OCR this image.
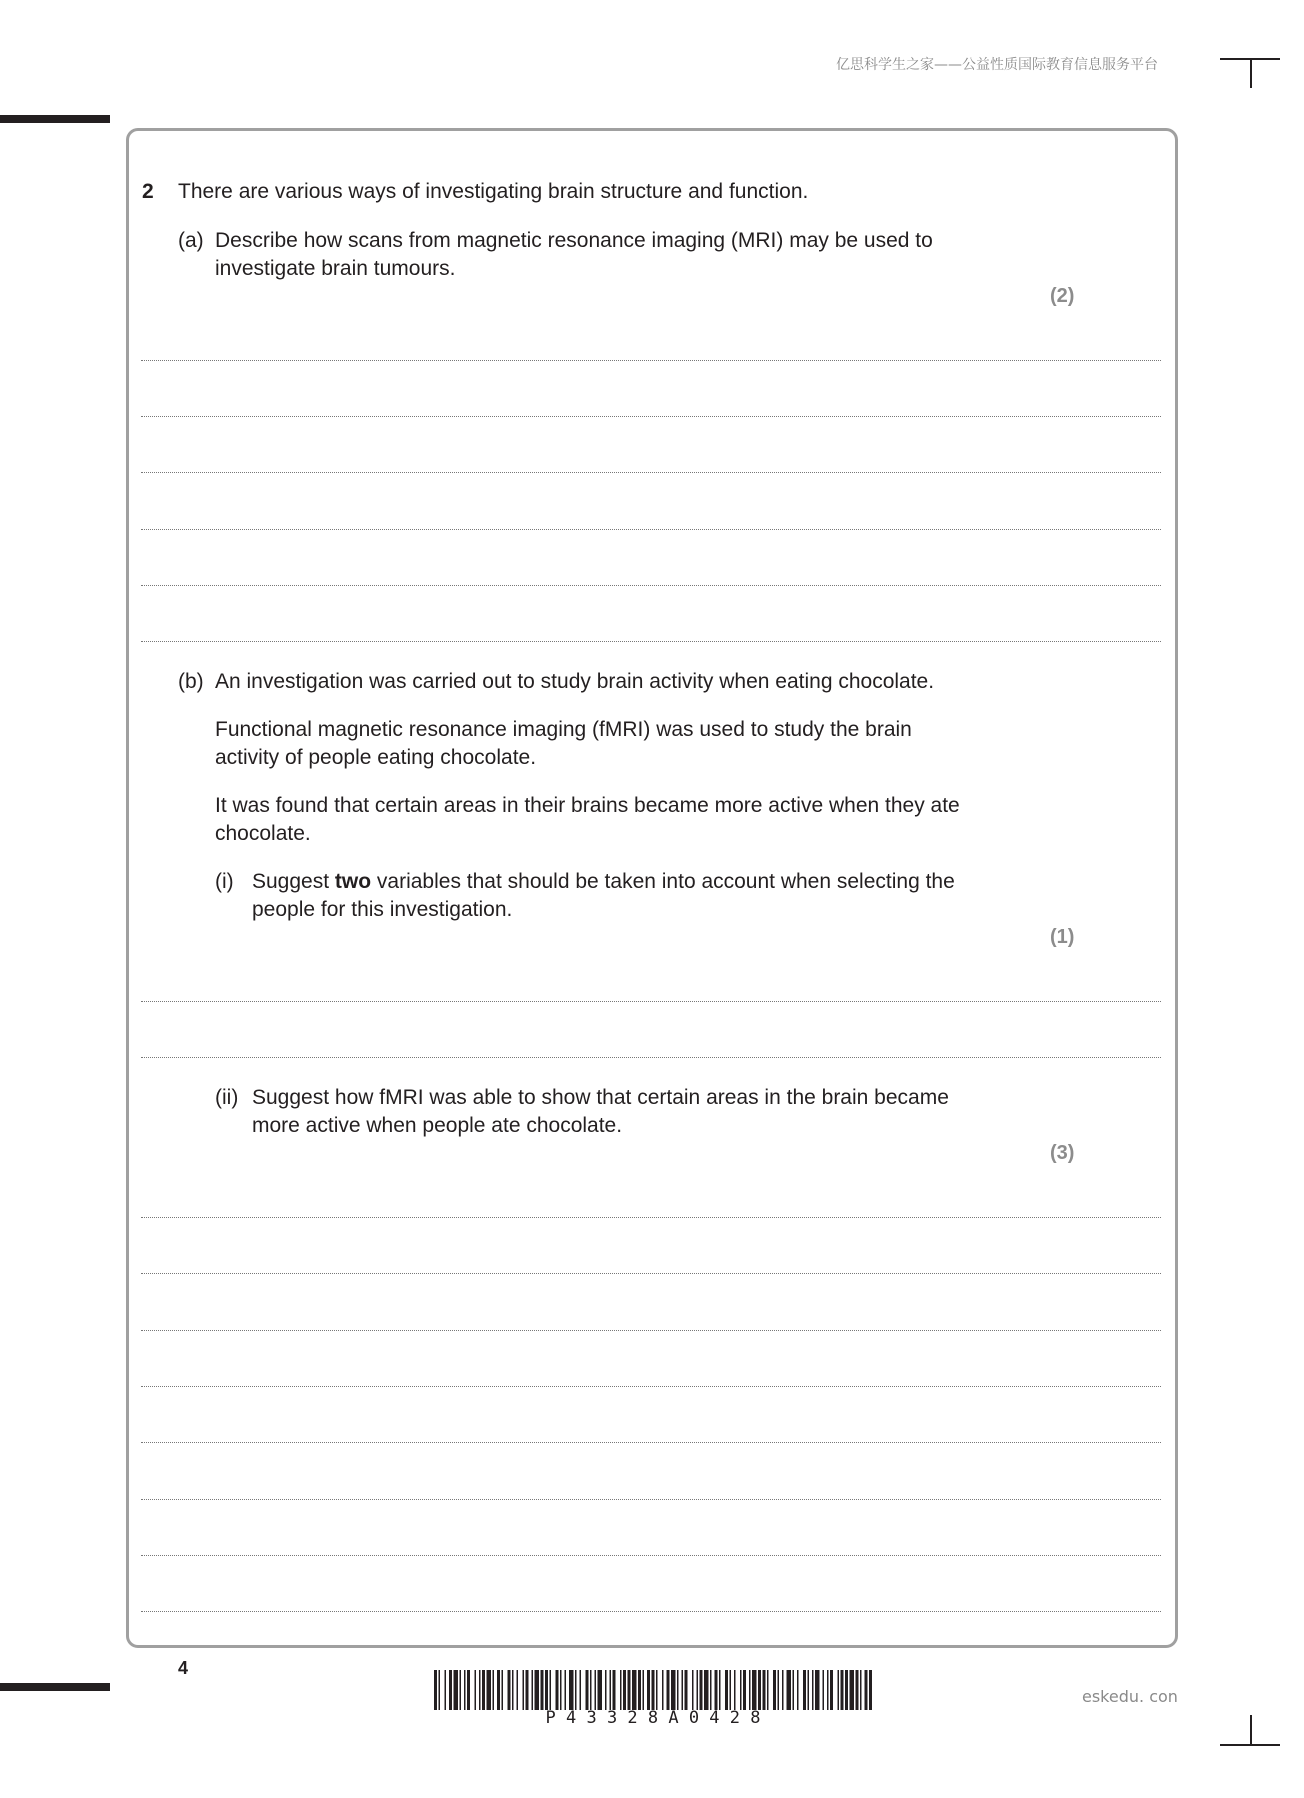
亿思科学生之家——公益性质国际教育信息服务平台
2 There are various ways of investigating brain structure and function.
(a) Describe how scans from magnetic resonance imaging (MRI) may be used to
investigate brain tumours.
(2)
(b) An investigation was carried out to study brain activity when eating chocolate.
Functional magnetic resonance imaging (fMRI) was used to study the brain
activity of people eating chocolate.
It was found that certain areas in their brains became more active when they ate
chocolate.
(i) Suggest two variables that should be taken into account when selecting the
people for this investigation.
(1)
(ii) Suggest how fMRI was able to show that certain areas in the brain became
more active when people ate chocolate.
(3)
4
P 4 3 3 2 8 A 0 4 2 8
eskedu. con
